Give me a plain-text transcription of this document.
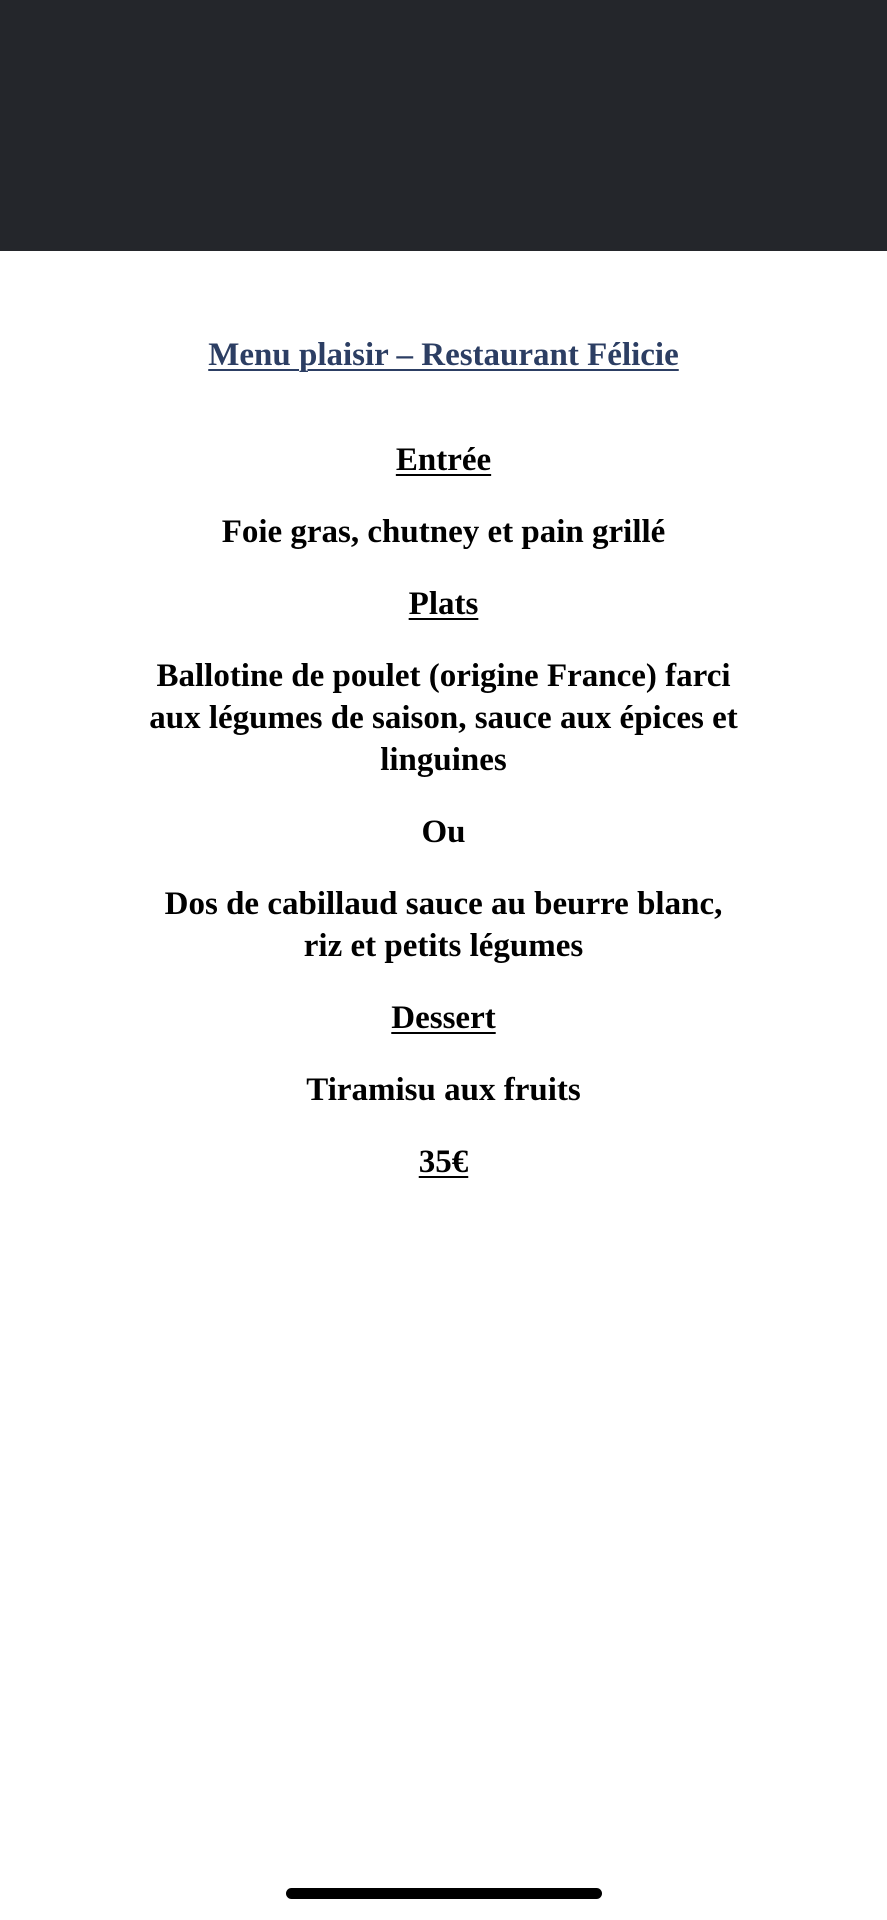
Menu plaisir – Restaurant Félicie

Entrée

Foie gras, chutney et pain grillé

Plats

Ballotine de poulet (origine France) farci
aux légumes de saison, sauce aux épices et
linguines

Ou

Dos de cabillaud sauce au beurre blanc,
riz et petits légumes

Dessert

Tiramisu aux fruits

35€
